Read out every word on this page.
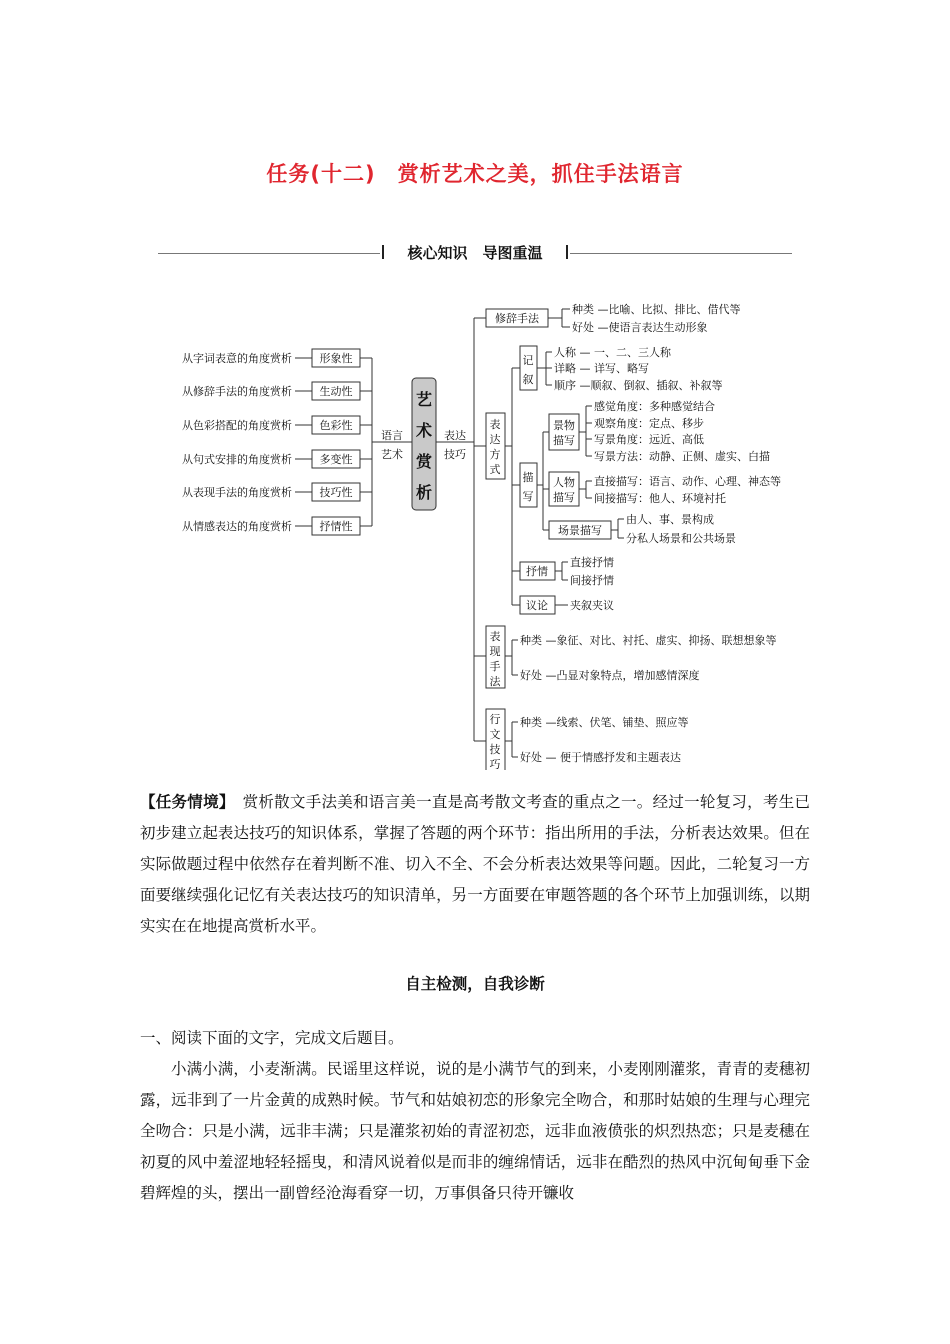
任务(十二)　赏析艺术之美，抓住手法语言
核心知识　导图重温
从字词表意的角度赏析
从修辞手法的角度赏析
从色彩搭配的角度赏析
从句式安排的角度赏析
从表现手法的角度赏析
从情感表达的角度赏析
形象性
生动性
色彩性
多变性
技巧性
抒情性
语言
艺术
表达
技巧
艺
术
赏
析
修辞手法
种类 —比喻、比拟、排比、借代等
好处 —使语言表达生动形象
表
达
方
式
记
叙
描
写
景物
描写
人物
描写
场景描写
抒情
议论
表
现
手
法
行
文
技
巧
人称 — 一、二、三人称
详略 — 详写、略写
顺序 —顺叙、倒叙、插叙、补叙等
感觉角度：多种感觉结合
观察角度：定点、移步
写景角度：远近、高低
写景方法：动静、正侧、虚实、白描
直接描写：语言、动作、心理、神态等
间接描写：他人、环境衬托
由人、事、景构成
分私人场景和公共场景
直接抒情
间接抒情
夹叙夹议
种类 —象征、对比、衬托、虚实、抑扬、联想想象等
好处 —凸显对象特点，增加感情深度
种类 —线索、伏笔、铺垫、照应等
好处 — 便于情感抒发和主题表达
【任务情境】　赏析散文手法美和语言美一直是高考散文考查的重点之一。经过一轮复习，考生已初步建立起表达技巧的知识体系，掌握了答题的两个环节：指出所用的手法，分析表达效果。但在实际做题过程中依然存在着判断不准、切入不全、不会分析表达效果等问题。因此，二轮复习一方面要继续强化记忆有关表达技巧的知识清单，另一方面要在审题答题的各个环节上加强训练，以期实实在在地提高赏析水平。
自主检测，自我诊断
一、阅读下面的文字，完成文后题目。
小满小满，小麦渐满。民谣里这样说，说的是小满节气的到来，小麦刚刚灌浆，青青的麦穗初露，远非到了一片金黄的成熟时候。节气和姑娘初恋的形象完全吻合，和那时姑娘的生理与心理完全吻合：只是小满，远非丰满；只是灌浆初始的青涩初恋，远非血液偾张的炽烈热恋；只是麦穗在初夏的风中羞涩地轻轻摇曳，和清风说着似是而非的缠绵情话，远非在酷烈的热风中沉甸甸垂下金碧辉煌的头，摆出一副曾经沧海看穿一切，万事俱备只待开镰收
